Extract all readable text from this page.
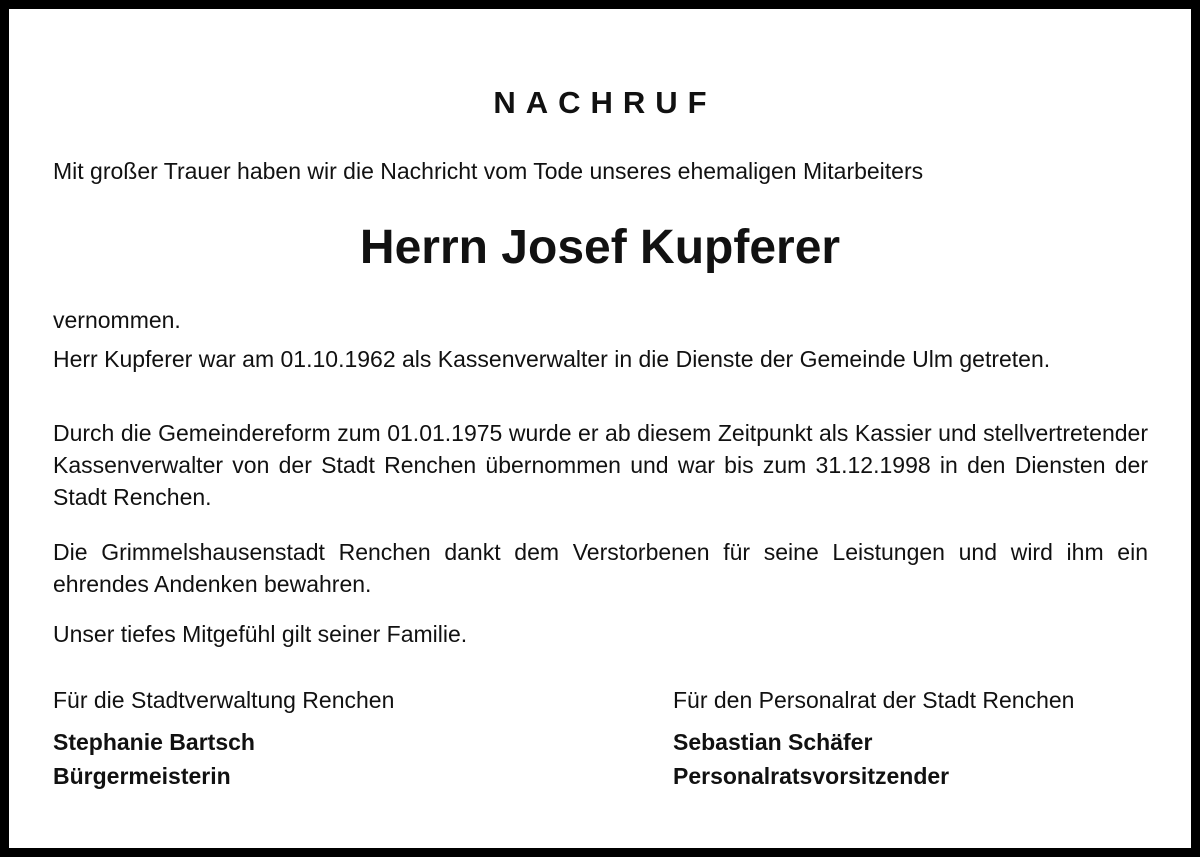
NACHRUF

Mit großer Trauer haben wir die Nachricht vom Tode unseres ehemaligen Mitarbeiters

Herrn Josef Kupferer

vernommen.

Herr Kupferer war am 01.10.1962 als Kassenverwalter in die Dienste der Gemeinde Ulm getreten.

Durch die Gemeindereform zum 01.01.1975 wurde er ab diesem Zeitpunkt als Kassier und stellvertretender Kassenverwalter von der Stadt Renchen übernommen und war bis zum 31.12.1998 in den Diensten der Stadt Renchen.

Die Grimmelshausenstadt Renchen dankt dem Verstorbenen für seine Leistungen und wird ihm ein ehrendes Andenken bewahren.

Unser tiefes Mitgefühl gilt seiner Familie.

Für die Stadtverwaltung Renchen
Stephanie Bartsch
Bürgermeisterin
Für den Personalrat der Stadt Renchen
Sebastian Schäfer
Personalratsvorsitzender
